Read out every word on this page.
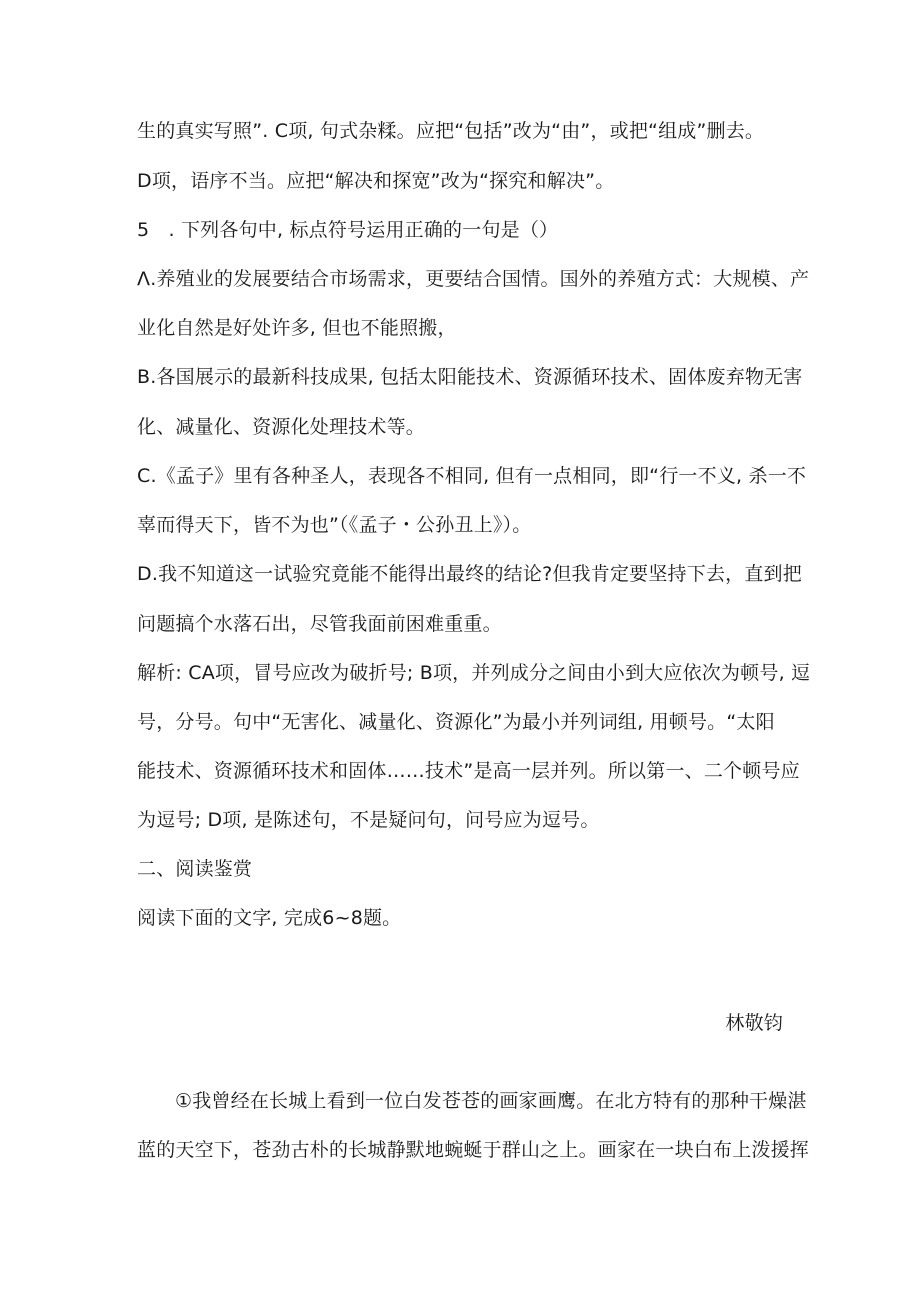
生的真实写照”. C项, 句式杂糅。应把“包括”改为“由”，或把“组成”删去。
D项，语序不当。应把“解决和探宽”改为“探究和解决”。
5　. 下列各句中, 标点符号运用正确的一句是（）
Λ.养殖业的发展要结合市场需求，更要结合国情。国外的养殖方式：大规模、产
业化自然是好处许多, 但也不能照搬，
B.各国展示的最新科技成果, 包括太阳能技术、资源循环技术、固体废弃物无害
化、减量化、资源化处理技术等。
C.《孟子》里有各种圣人，表现各不相同, 但有一点相同，即“行一不义, 杀一不
辜而得天下，皆不为也”（《孟子・公孙丑上》）。
D.我不知道这一试验究竟能不能得出最终的结论?但我肯定要坚持下去，直到把
问题搞个水落石出，尽管我面前困难重重。
解析: CA项，冒号应改为破折号; B项，并列成分之间由小到大应依次为顿号, 逗
号，分号。句中“无害化、减量化、资源化”为最小并列词组, 用顿号。“太阳
能技术、资源循环技术和固体……技术”是高一层并列。所以第一、二个顿号应
为逗号; D项, 是陈述句，不是疑问句，问号应为逗号。
二、阅读鉴赏
阅读下面的文字, 完成6~8题。
林敬钧
①我曾经在长城上看到一位白发苍苍的画家画鹰。在北方特有的那种干燥湛
蓝的天空下，苍劲古朴的长城静默地蜿蜒于群山之上。画家在一块白布上泼援挥
